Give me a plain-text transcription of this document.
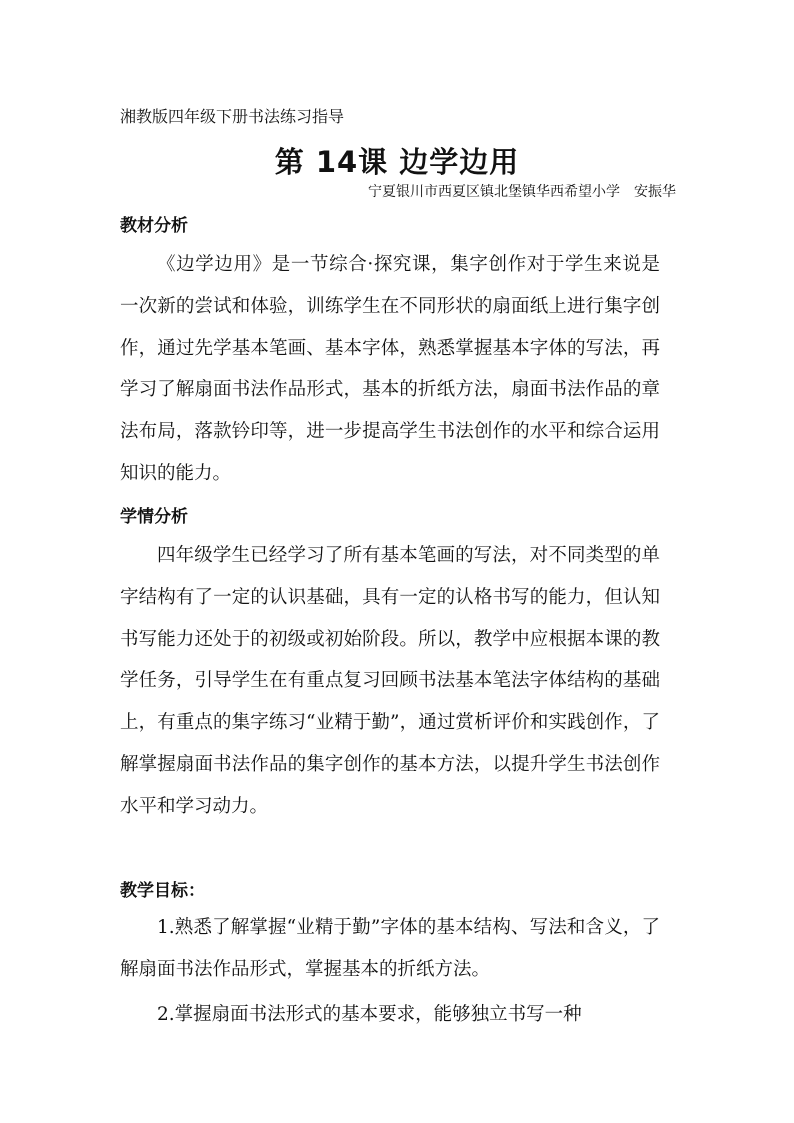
湘教版四年级下册书法练习指导
第 14课 边学边用
宁夏银川市西夏区镇北堡镇华西希望小学　安振华
教材分析

《边学边用》是一节综合·探究课，集字创作对于学生来说是一次新的尝试和体验，训练学生在不同形状的扇面纸上进行集字创作，通过先学基本笔画、基本字体，熟悉掌握基本字体的写法，再学习了解扇面书法作品形式，基本的折纸方法，扇面书法作品的章法布局，落款钤印等，进一步提高学生书法创作的水平和综合运用知识的能力。

学情分析

四年级学生已经学习了所有基本笔画的写法，对不同类型的单字结构有了一定的认识基础，具有一定的认格书写的能力，但认知书写能力还处于的初级或初始阶段。所以，教学中应根据本课的教学任务，引导学生在有重点复习回顾书法基本笔法字体结构的基础上，有重点的集字练习“业精于勤”，通过赏析评价和实践创作，了解掌握扇面书法作品的集字创作的基本方法，以提升学生书法创作水平和学习动力。

教学目标：

1.熟悉了解掌握“业精于勤”字体的基本结构、写法和含义，了解扇面书法作品形式，掌握基本的折纸方法。

2.掌握扇面书法形式的基本要求，能够独立书写一种
